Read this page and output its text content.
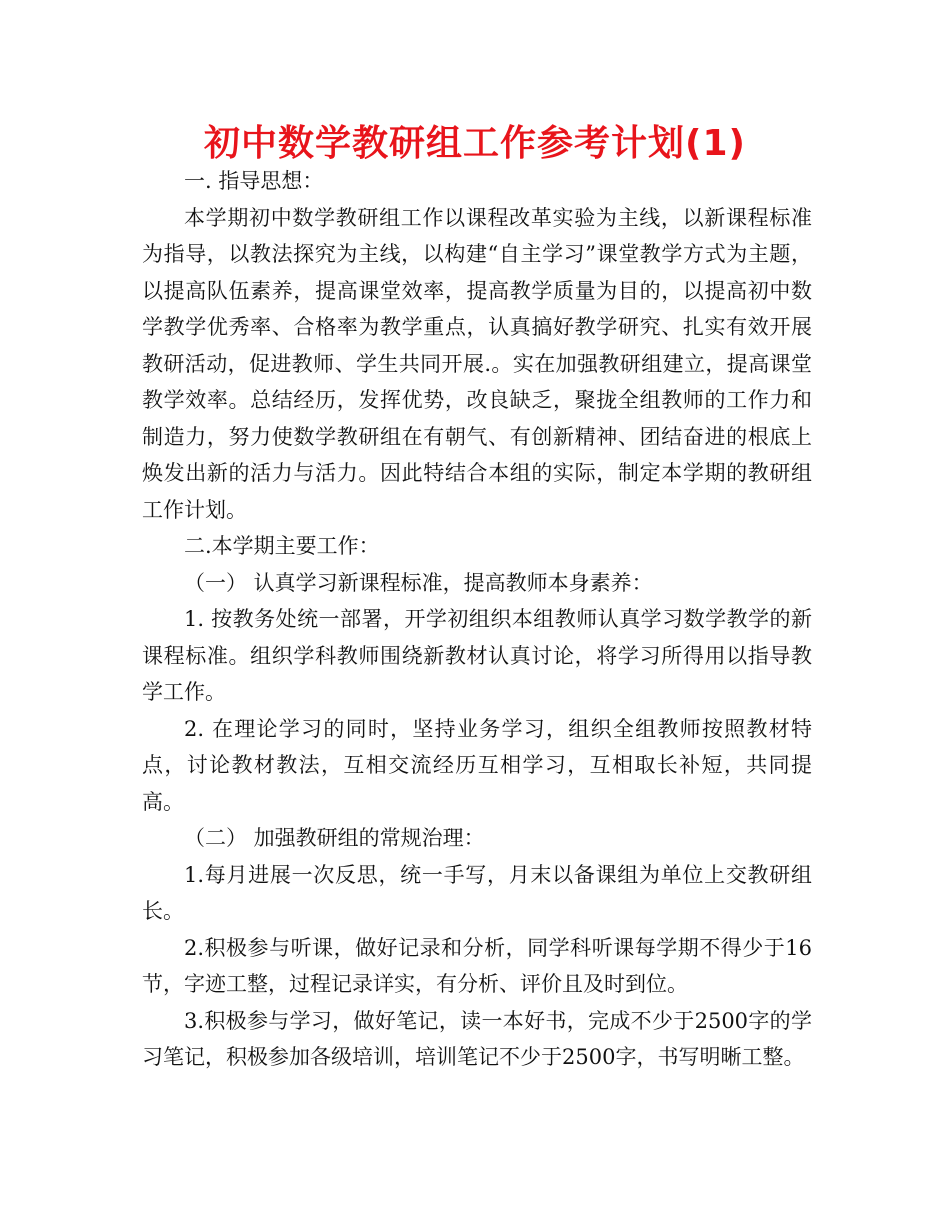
初中数学教研组工作参考计划(1)

一. 指导思想：

本学期初中数学教研组工作以课程改革实验为主线，以新课程标准为指导，以教法探究为主线，以构建“自主学习”课堂教学方式为主题，以提高队伍素养，提高课堂效率，提高教学质量为目的，以提高初中数学教学优秀率、合格率为教学重点，认真搞好教学研究、扎实有效开展教研活动，促进教师、学生共同开展.。实在加强教研组建立，提高课堂教学效率。总结经历，发挥优势，改良缺乏，聚拢全组教师的工作力和制造力，努力使数学教研组在有朝气、有创新精神、团结奋进的根底上焕发出新的活力与活力。因此特结合本组的实际，制定本学期的教研组工作计划。

二.本学期主要工作：

（一） 认真学习新课程标准，提高教师本身素养：

1. 按教务处统一部署，开学初组织本组教师认真学习数学教学的新课程标准。组织学科教师围绕新教材认真讨论，将学习所得用以指导教学工作。

2. 在理论学习的同时，坚持业务学习，组织全组教师按照教材特点，讨论教材教法，互相交流经历互相学习，互相取长补短，共同提高。

（二） 加强教研组的常规治理：

1.每月进展一次反思，统一手写，月末以备课组为单位上交教研组长。

2.积极参与听课，做好记录和分析，同学科听课每学期不得少于16节，字迹工整，过程记录详实，有分析、评价且及时到位。

3.积极参与学习，做好笔记，读一本好书，完成不少于2500字的学习笔记，积极参加各级培训，培训笔记不少于2500字，书写明晰工整。
